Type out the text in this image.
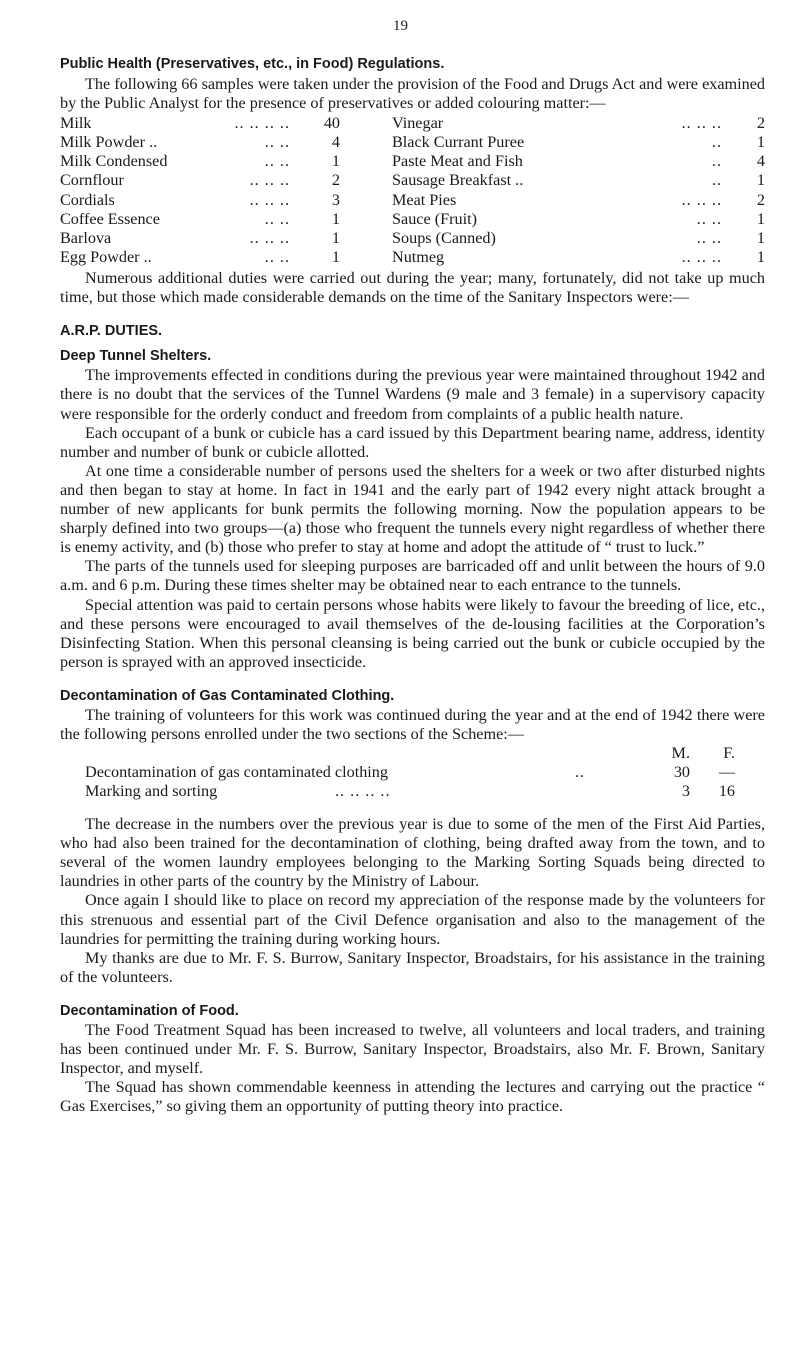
19
Public Health (Preservatives, etc., in Food) Regulations.

The following 66 samples were taken under the provision of the Food and Drugs Act and were examined by the Public Analyst for the presence of preservatives or added colouring matter:—

.. .. .. ..
Milk	40
.. ..
Milk Powder ..	4
.. ..
Milk Condensed	1
.. .. ..
Cornflour	2
.. .. ..
Cordials	3
.. ..
Coffee Essence	1
.. .. ..
Barlova	1
.. ..
Egg Powder ..	1
.. .. ..
Vinegar	2
..
Black Currant Puree	1
..
Paste Meat and Fish	4
..
Sausage Breakfast ..	1
.. .. ..
Meat Pies	2
.. ..
Sauce (Fruit)	1
.. ..
Soups (Canned)	1
.. .. ..
Nutmeg	1

Numerous additional duties were carried out during the year; many, fortunately, did not take up much time, but those which made considerable demands on the time of the Sanitary Inspectors were:—

A.R.P. DUTIES.
Deep Tunnel Shelters.

The improvements effected in conditions during the previous year were maintained throughout 1942 and there is no doubt that the services of the Tunnel Wardens (9 male and 3 female) in a supervisory capacity were responsible for the orderly conduct and freedom from complaints of a public health nature.

Each occupant of a bunk or cubicle has a card issued by this Department bearing name, address, identity number and number of bunk or cubicle allotted.

At one time a considerable number of persons used the shelters for a week or two after disturbed nights and then began to stay at home. In fact in 1941 and the early part of 1942 every night attack brought a number of new applicants for bunk permits the following morning. Now the population appears to be sharply defined into two groups—(a) those who frequent the tunnels every night regardless of whether there is enemy activity, and (b) those who prefer to stay at home and adopt the attitude of “ trust to luck.”

The parts of the tunnels used for sleeping purposes are barricaded off and unlit between the hours of 9.0 a.m. and 6 p.m. During these times shelter may be obtained near to each entrance to the tunnels.

Special attention was paid to certain persons whose habits were likely to favour the breeding of lice, etc., and these persons were encouraged to avail themselves of the de-lousing facilities at the Corporation’s Disinfecting Station. When this personal cleansing is being carried out the bunk or cubicle occupied by the person is sprayed with an approved insecticide.

Decontamination of Gas Contaminated Clothing.

The training of volunteers for this work was continued during the year and at the end of 1942 there were the following persons enrolled under the two sections of the Scheme:—

M.	F.
Decontamination of gas contaminated clothing	..	30	—
Marking and sorting	.. .. .. ..	3	16

The decrease in the numbers over the previous year is due to some of the men of the First Aid Parties, who had also been trained for the decontamination of clothing, being drafted away from the town, and to several of the women laundry employees belonging to the Marking Sorting Squads being directed to laundries in other parts of the country by the Ministry of Labour.

Once again I should like to place on record my appreciation of the response made by the volunteers for this strenuous and essential part of the Civil Defence organisation and also to the management of the laundries for permitting the training during working hours.

My thanks are due to Mr. F. S. Burrow, Sanitary Inspector, Broadstairs, for his assistance in the training of the volunteers.

Decontamination of Food.

The Food Treatment Squad has been increased to twelve, all volunteers and local traders, and training has been continued under Mr. F. S. Burrow, Sanitary Inspector, Broadstairs, also Mr. F. Brown, Sanitary Inspector, and myself.

The Squad has shown commendable keenness in attending the lectures and carrying out the practice “ Gas Exercises,” so giving them an opportunity of putting theory into practice.
